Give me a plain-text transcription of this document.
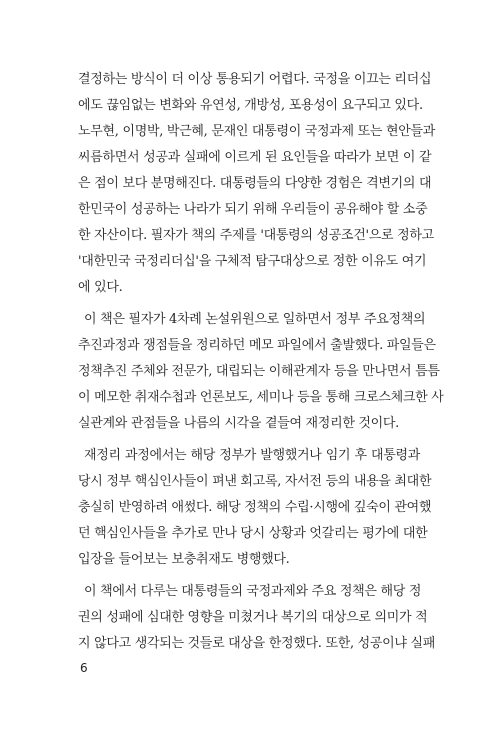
결정하는 방식이 더 이상 통용되기 어렵다. 국정을 이끄는 리더십
에도 끊임없는 변화와 유연성, 개방성, 포용성이 요구되고 있다.
노무현, 이명박, 박근혜, 문재인 대통령이 국정과제 또는 현안들과
씨름하면서 성공과 실패에 이르게 된 요인들을 따라가 보면 이 같
은 점이 보다 분명해진다. 대통령들의 다양한 경험은 격변기의 대
한민국이 성공하는 나라가 되기 위해 우리들이 공유해야 할 소중
한 자산이다. 필자가 책의 주제를 '대통령의 성공조건'으로 정하고
'대한민국 국정리더십'을 구체적 탐구대상으로 정한 이유도 여기
에 있다.
이 책은 필자가 4차례 논설위원으로 일하면서 정부 주요정책의
추진과정과 쟁점들을 정리하던 메모 파일에서 출발했다. 파일들은
정책추진 주체와 전문가, 대립되는 이해관계자 등을 만나면서 틈틈
이 메모한 취재수첩과 언론보도, 세미나 등을 통해 크로스체크한 사
실관계와 관점들을 나름의 시각을 곁들여 재정리한 것이다.
재정리 과정에서는 해당 정부가 발행했거나 임기 후 대통령과
당시 정부 핵심인사들이 펴낸 회고록, 자서전 등의 내용을 최대한
충실히 반영하려 애썼다. 해당 정책의 수립·시행에 깊숙이 관여했
던 핵심인사들을 추가로 만나 당시 상황과 엇갈리는 평가에 대한
입장을 들어보는 보충취재도 병행했다.
이 책에서 다루는 대통령들의 국정과제와 주요 정책은 해당 정
권의 성패에 심대한 영향을 미쳤거나 복기의 대상으로 의미가 적
지 않다고 생각되는 것들로 대상을 한정했다. 또한, 성공이냐 실패
6
